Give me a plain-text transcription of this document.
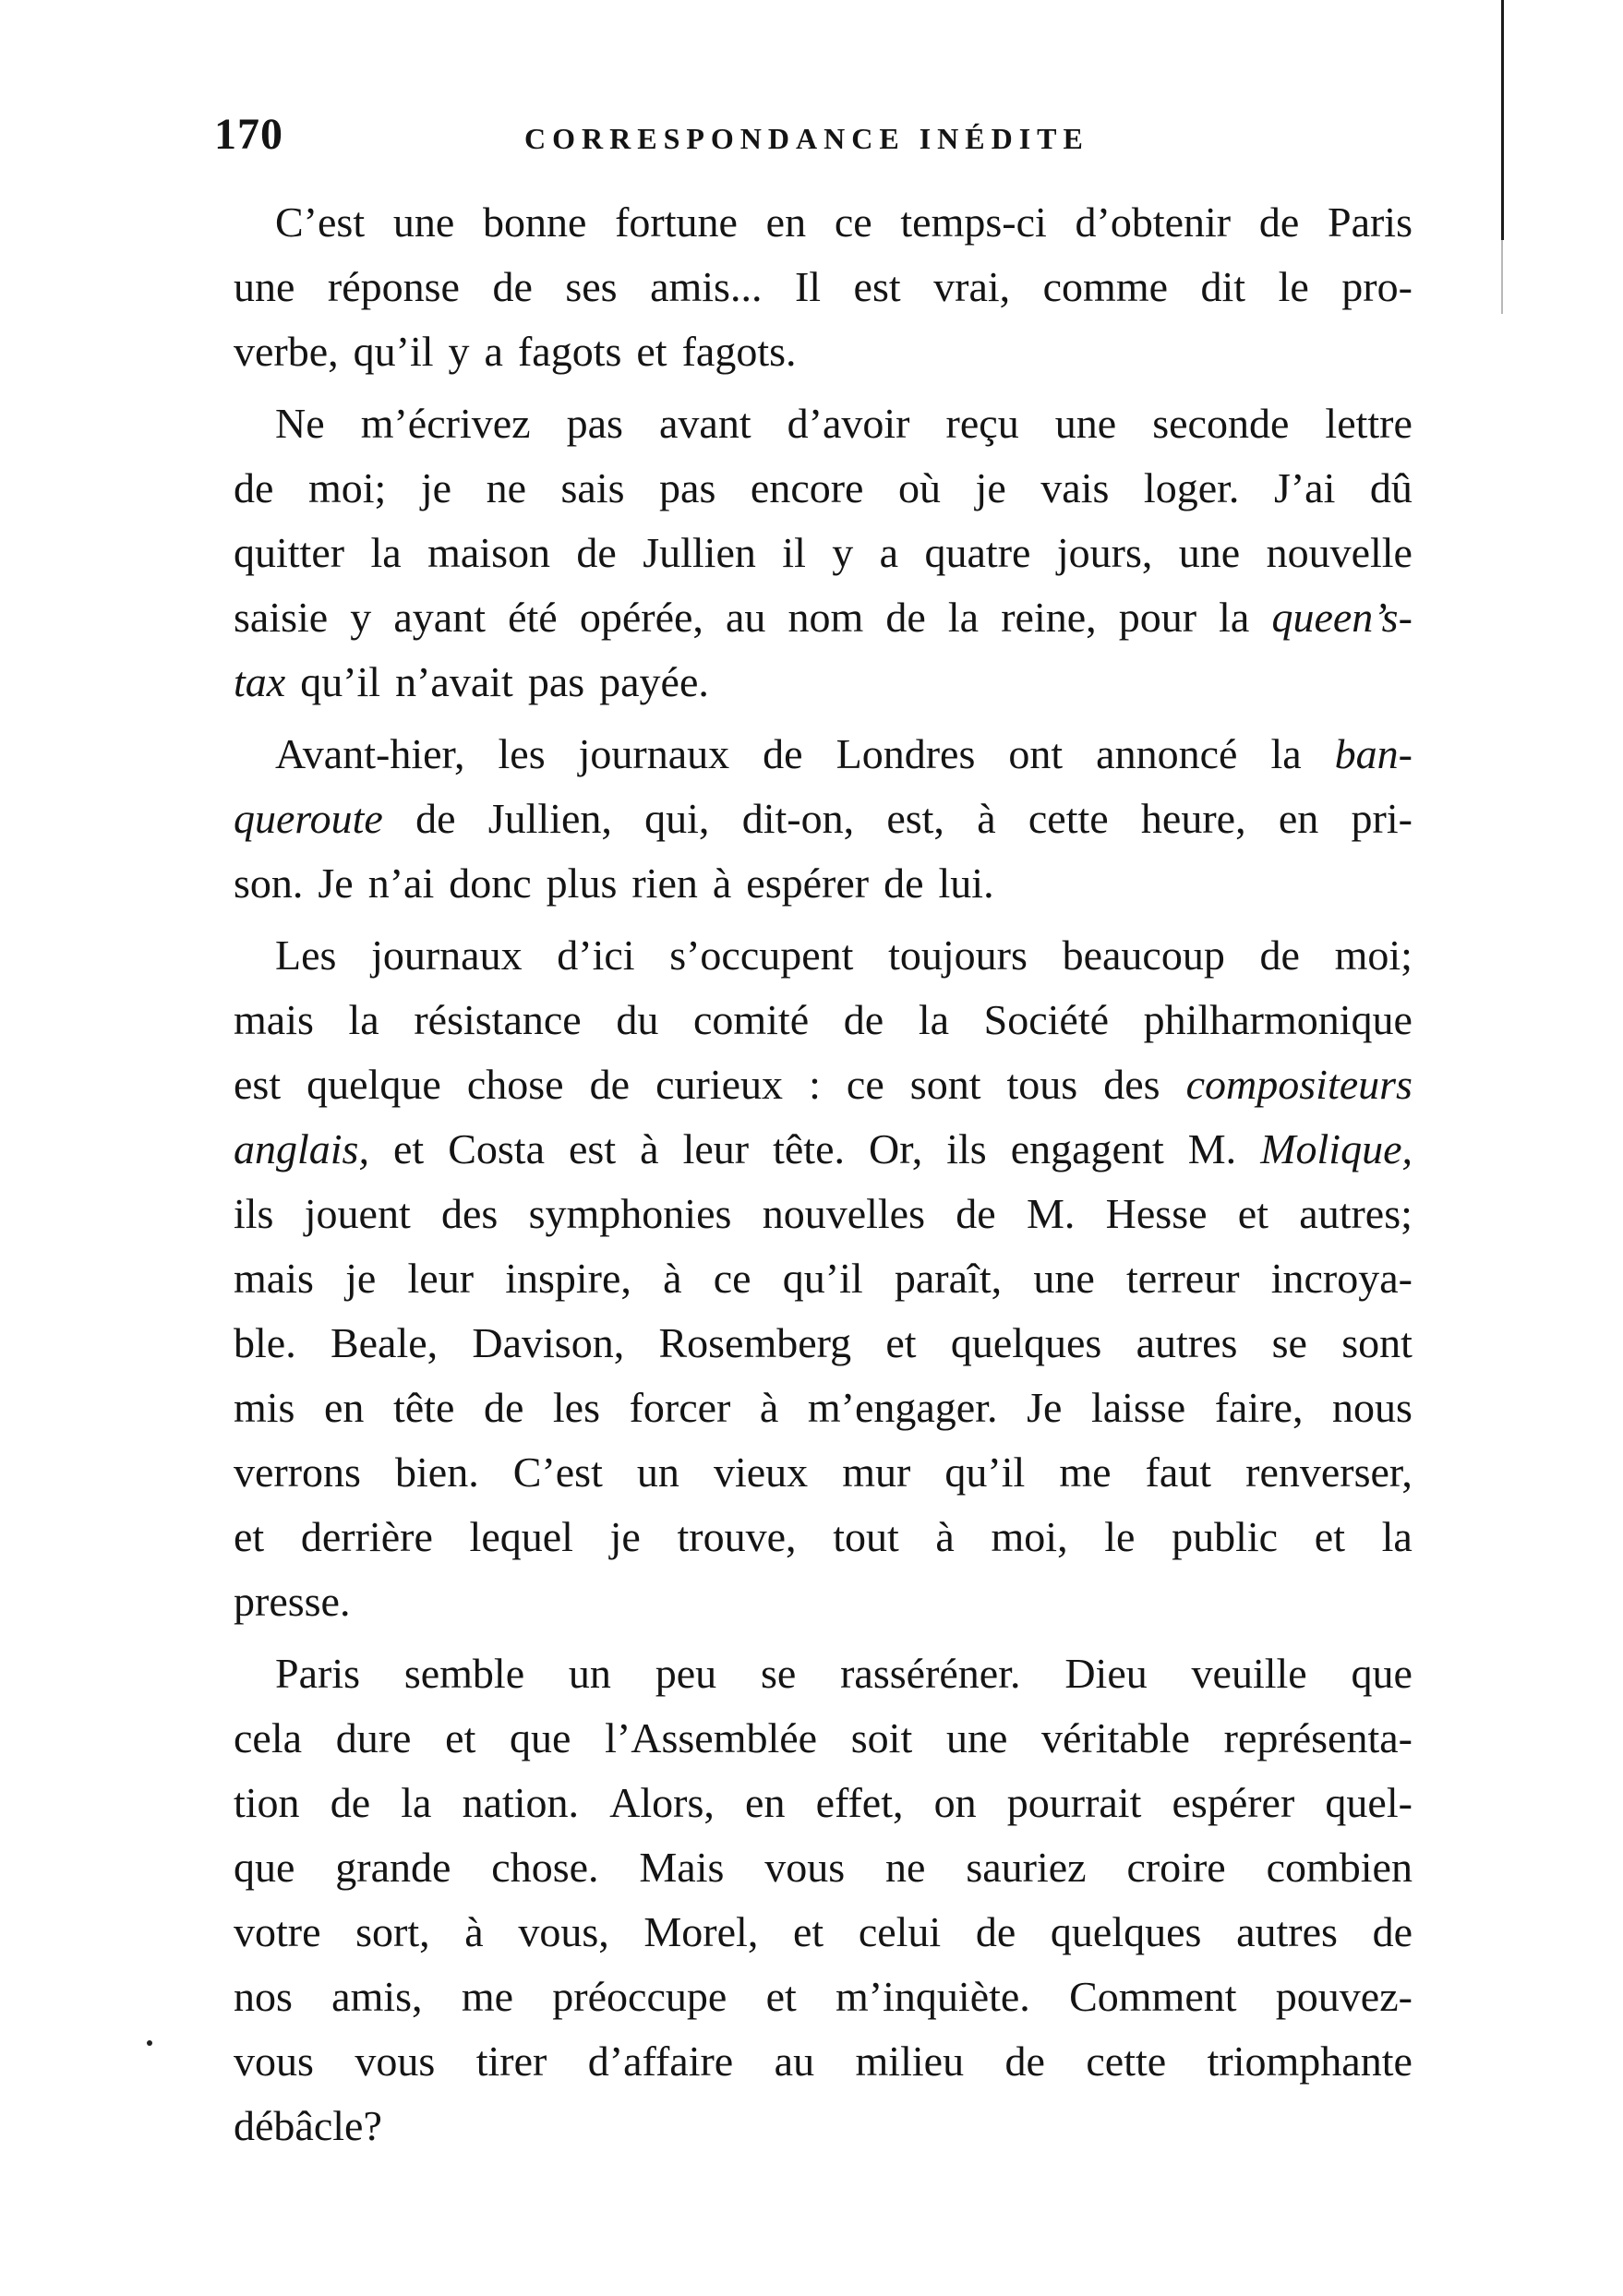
170	CORRESPONDANCE INÉDITE
C’est une bonne fortune en ce temps-ci d’obtenir de Paris
une réponse de ses amis... Il est vrai, comme dit le pro-
verbe, qu’il y a fagots et fagots.
Ne m’écrivez pas avant d’avoir reçu une seconde lettre
de moi; je ne sais pas encore où je vais loger. J’ai dû
quitter la maison de Jullien il y a quatre jours, une nouvelle
saisie y ayant été opérée, au nom de la reine, pour la queen’s-
tax qu’il n’avait pas payée.
Avant-hier, les journaux de Londres ont annoncé la ban-
queroute de Jullien, qui, dit-on, est, à cette heure, en pri-
son. Je n’ai donc plus rien à espérer de lui.
Les journaux d’ici s’occupent toujours beaucoup de moi;
mais la résistance du comité de la Société philharmonique
est quelque chose de curieux : ce sont tous des compositeurs
anglais, et Costa est à leur tête. Or, ils engagent M. Molique,
ils jouent des symphonies nouvelles de M. Hesse et autres;
mais je leur inspire, à ce qu’il paraît, une terreur incroya-
ble. Beale, Davison, Rosemberg et quelques autres se sont
mis en tête de les forcer à m’engager. Je laisse faire, nous
verrons bien. C’est un vieux mur qu’il me faut renverser,
et derrière lequel je trouve, tout à moi, le public et la
presse.
Paris semble un peu se rasséréner. Dieu veuille que
cela dure et que l’Assemblée soit une véritable représenta-
tion de la nation. Alors, en effet, on pourrait espérer quel-
que grande chose. Mais vous ne sauriez croire combien
votre sort, à vous, Morel, et celui de quelques autres de
nos amis, me préoccupe et m’inquiète. Comment pouvez-
vous vous tirer d’affaire au milieu de cette triomphante
débâcle?
